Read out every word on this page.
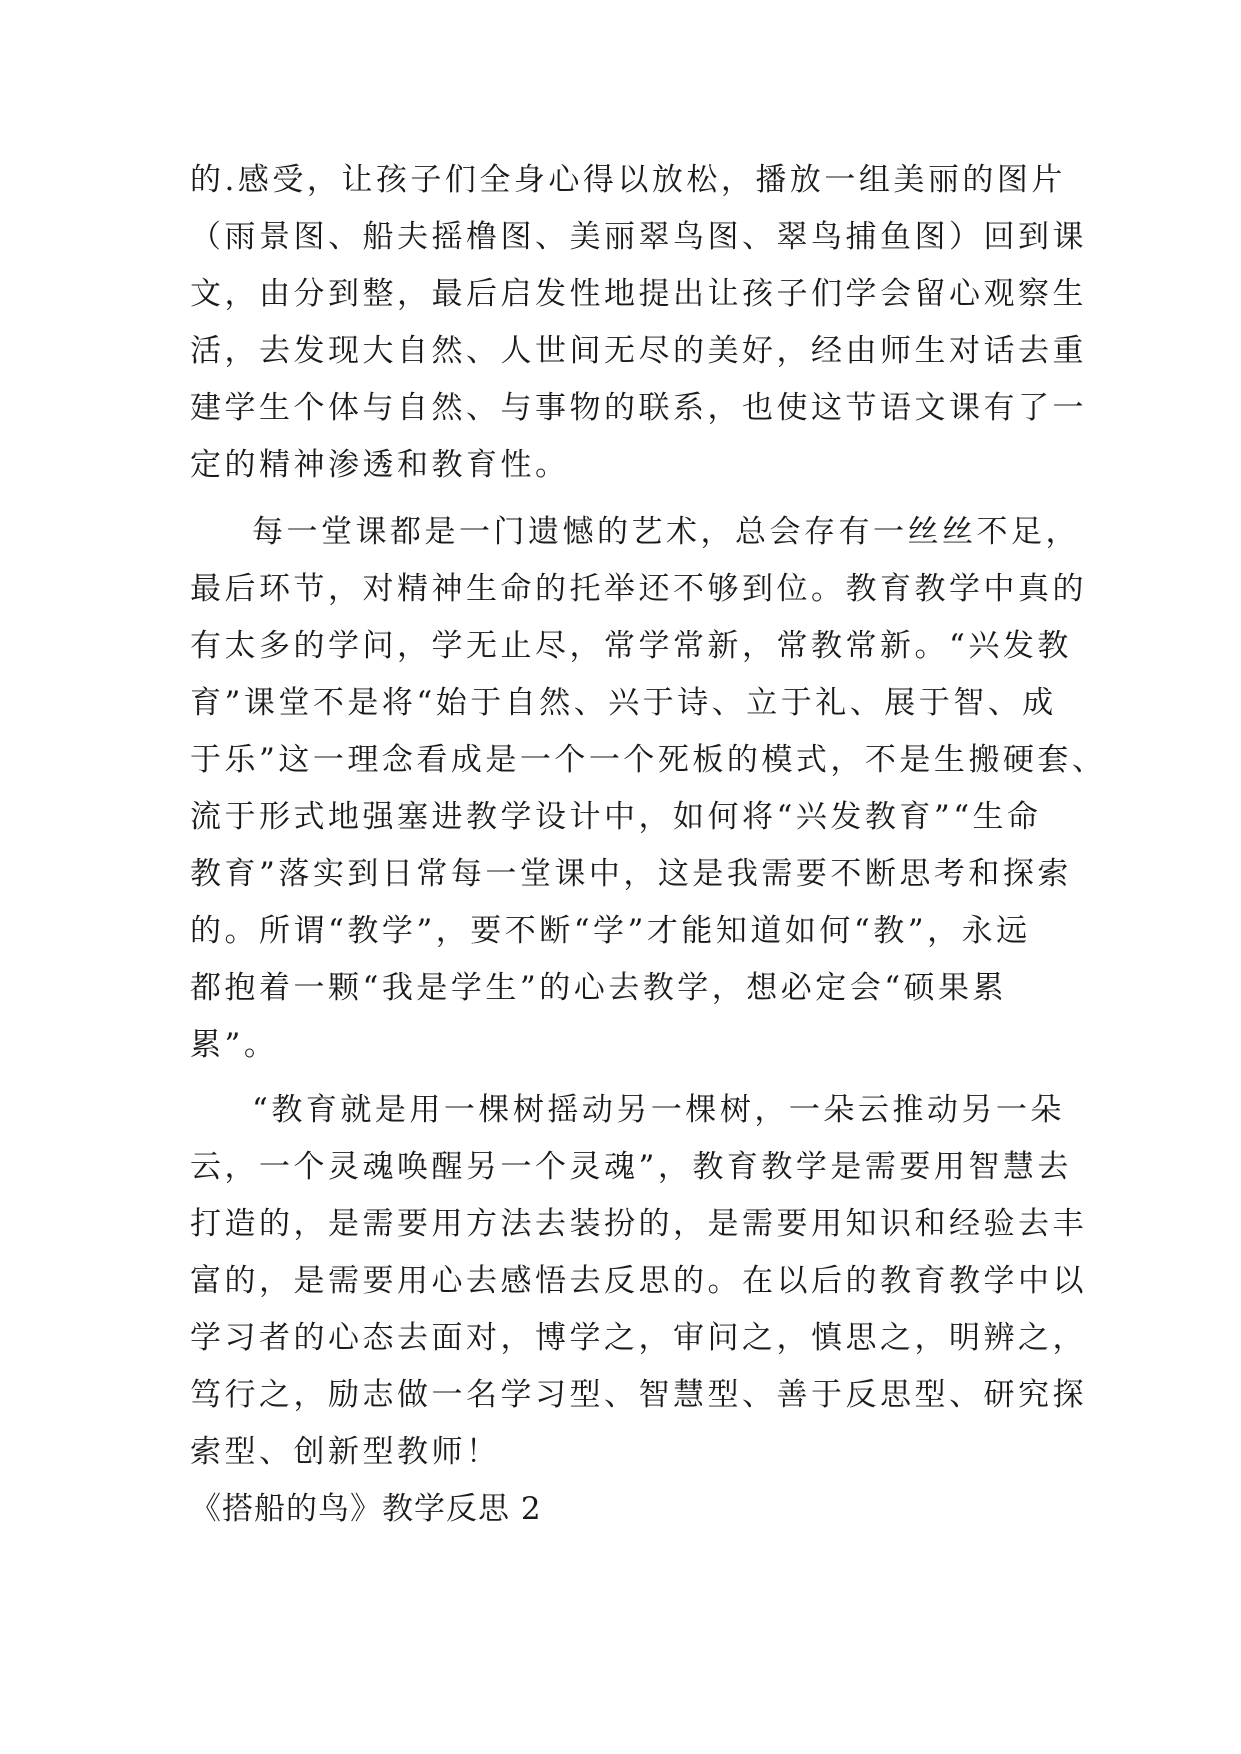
的.感受，让孩子们全身心得以放松，播放一组美丽的图片
（雨景图、船夫摇橹图、美丽翠鸟图、翠鸟捕鱼图）回到课
文，由分到整，最后启发性地提出让孩子们学会留心观察生
活，去发现大自然、人世间无尽的美好，经由师生对话去重
建学生个体与自然、与事物的联系，也使这节语文课有了一
定的精神渗透和教育性。
每一堂课都是一门遗憾的艺术，总会存有一丝丝不足，
最后环节，对精神生命的托举还不够到位。教育教学中真的
有太多的学问，学无止尽，常学常新，常教常新。“兴发教
育”课堂不是将“始于自然、兴于诗、立于礼、展于智、成
于乐”这一理念看成是一个一个死板的模式，不是生搬硬套、
流于形式地强塞进教学设计中，如何将“兴发教育”“生命
教育”落实到日常每一堂课中，这是我需要不断思考和探索
的。所谓“教学”，要不断“学”才能知道如何“教”，永远
都抱着一颗“我是学生”的心去教学，想必定会“硕果累
累”。
“教育就是用一棵树摇动另一棵树，一朵云推动另一朵
云，一个灵魂唤醒另一个灵魂”，教育教学是需要用智慧去
打造的，是需要用方法去装扮的，是需要用知识和经验去丰
富的，是需要用心去感悟去反思的。在以后的教育教学中以
学习者的心态去面对，博学之，审问之，慎思之，明辨之，
笃行之，励志做一名学习型、智慧型、善于反思型、研究探
索型、创新型教师！
《搭船的鸟》教学反思 2
